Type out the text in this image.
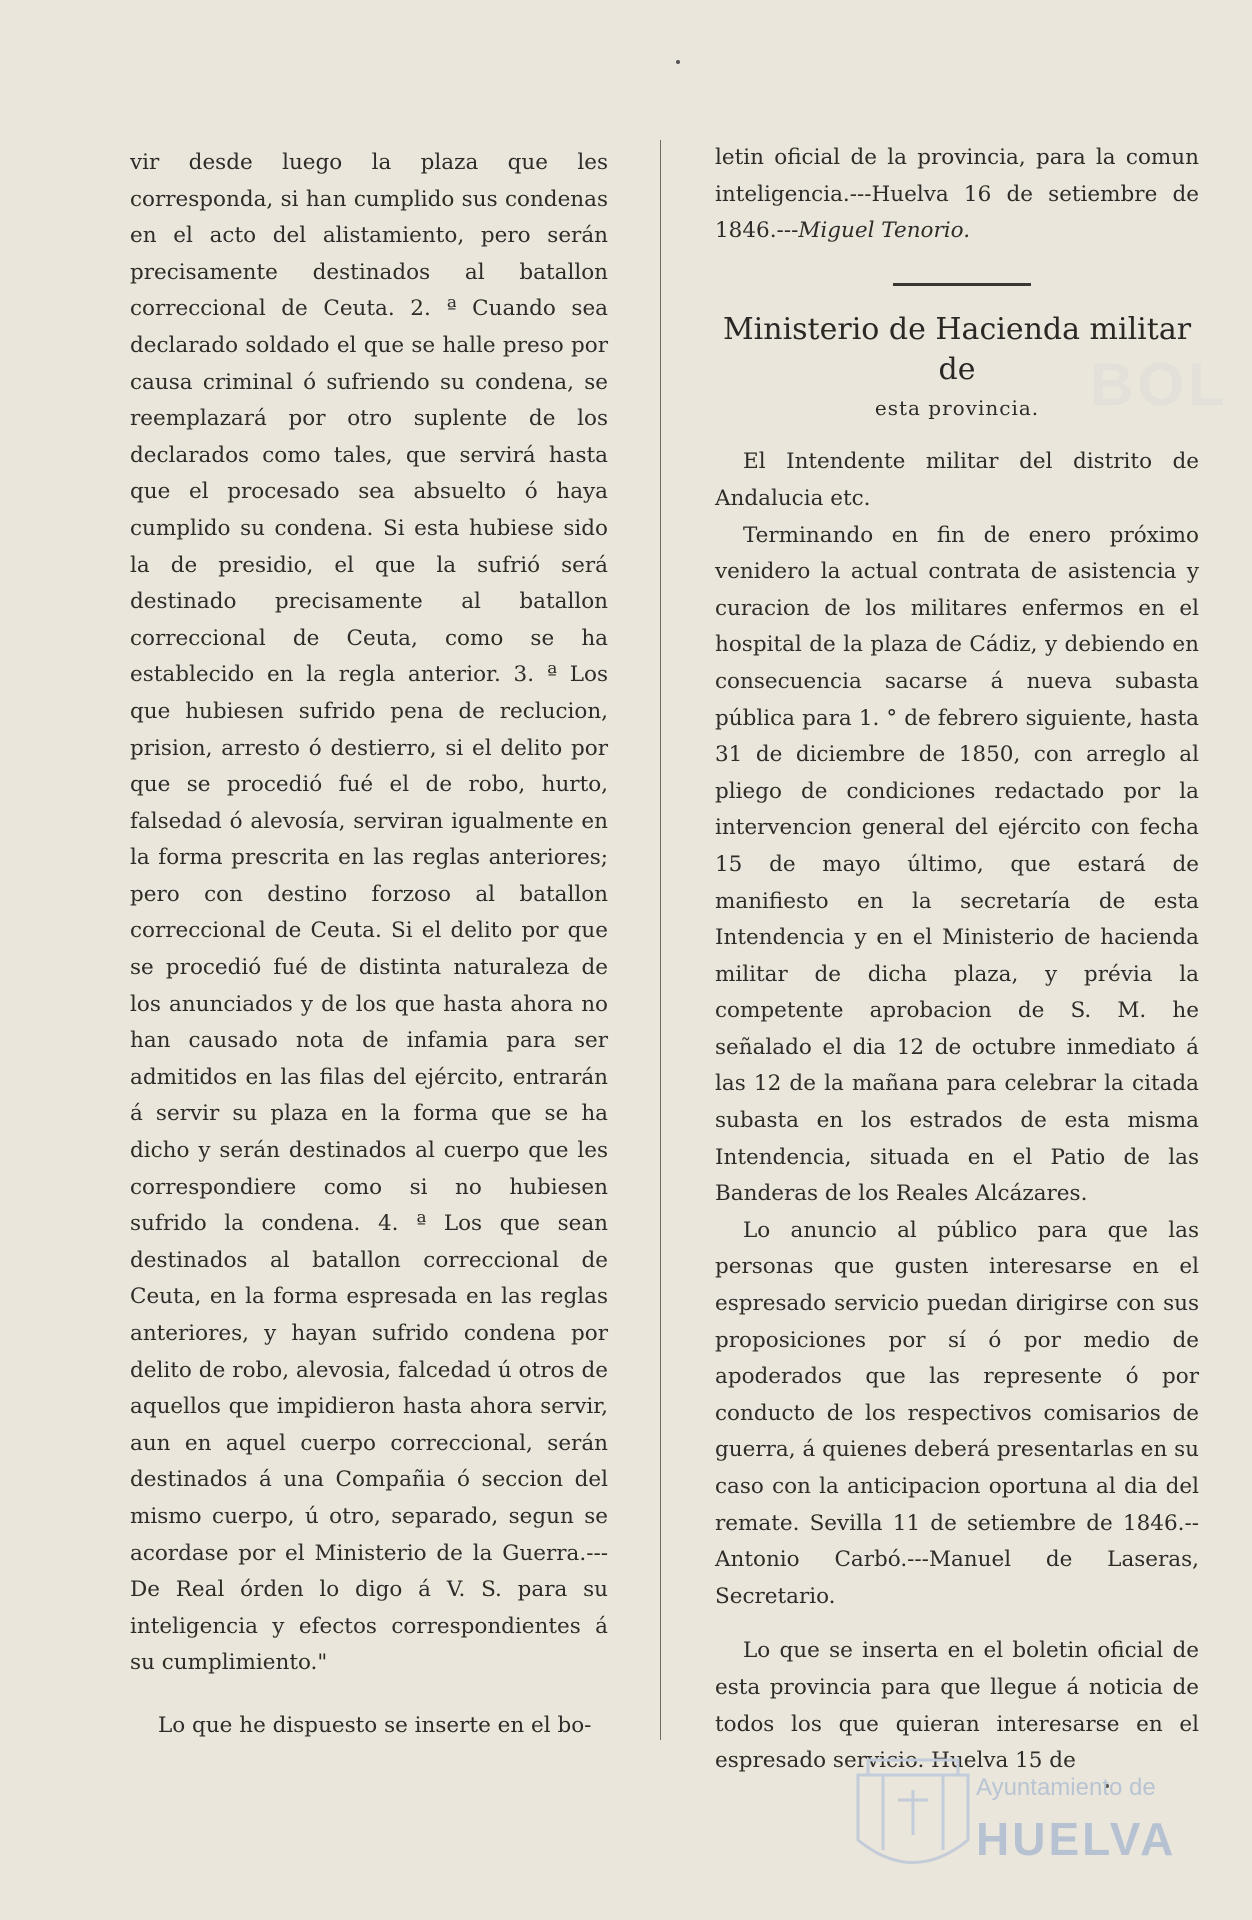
BOL

vir desde luego la plaza que les corresponda, si han cumplido sus condenas en el acto del alistamiento, pero serán precisamente destinados al batallon correccional de Ceuta. 2. ª Cuando sea declarado soldado el que se halle preso por causa criminal ó sufriendo su condena, se reemplazará por otro suplente de los declarados como tales, que servirá hasta que el procesado sea absuelto ó haya cumplido su condena. Si esta hubiese sido la de presidio, el que la sufrió será destinado precisamente al batallon correccional de Ceuta, como se ha establecido en la regla anterior. 3. ª Los que hubiesen sufrido pena de reclucion, prision, arresto ó destierro, si el delito por que se procedió fué el de robo, hurto, falsedad ó alevosía, serviran igualmente en la forma prescrita en las reglas anteriores; pero con destino forzoso al batallon correccional de Ceuta. Si el delito por que se procedió fué de distinta naturaleza de los anunciados y de los que hasta ahora no han causado nota de infamia para ser admitidos en las filas del ejército, entrarán á servir su plaza en la forma que se ha dicho y serán destinados al cuerpo que les correspondiere como si no hubiesen sufrido la condena. 4. ª Los que sean destinados al batallon correccional de Ceuta, en la forma espresada en las reglas anteriores, y hayan sufrido condena por delito de robo, alevosia, falcedad ú otros de aquellos que impidieron hasta ahora servir, aun en aquel cuerpo correccional, serán destinados á una Compañia ó seccion del mismo cuerpo, ú otro, separado, segun se acordase por el Ministerio de la Guerra.---De Real órden lo digo á V. S. para su inteligencia y efectos correspondientes á su cumplimiento."

Lo que he dispuesto se inserte en el bo-

letin oficial de la provincia, para la comun inteligencia.---Huelva 16 de setiembre de 1846.---Miguel Tenorio.

Ministerio de Hacienda militar de
esta provincia.

El Intendente militar del distrito de Andalucia etc.

Terminando en fin de enero próximo venidero la actual contrata de asistencia y curacion de los militares enfermos en el hospital de la plaza de Cádiz, y debiendo en consecuencia sacarse á nueva subasta pública para 1. ° de febrero siguiente, hasta 31 de diciembre de 1850, con arreglo al pliego de condiciones redactado por la intervencion general del ejército con fecha 15 de mayo último, que estará de manifiesto en la secretaría de esta Intendencia y en el Ministerio de hacienda militar de dicha plaza, y prévia la competente aprobacion de S. M. he señalado el dia 12 de octubre inmediato á las 12 de la mañana para celebrar la citada subasta en los estrados de esta misma Intendencia, situada en el Patio de las Banderas de los Reales Alcázares.

Lo anuncio al público para que las personas que gusten interesarse en el espresado servicio puedan dirigirse con sus proposiciones por sí ó por medio de apoderados que las represente ó por conducto de los respectivos comisarios de guerra, á quienes deberá presentarlas en su caso con la anticipacion oportuna al dia del remate. Sevilla 11 de setiembre de 1846.--Antonio Carbó.---Manuel de Laseras, Secretario.

Lo que se inserta en el boletin oficial de esta provincia para que llegue á noticia de todos los que quieran interesarse en el espresado servicio. Huelva 15 de

Ayuntamiento de
HUELVA
